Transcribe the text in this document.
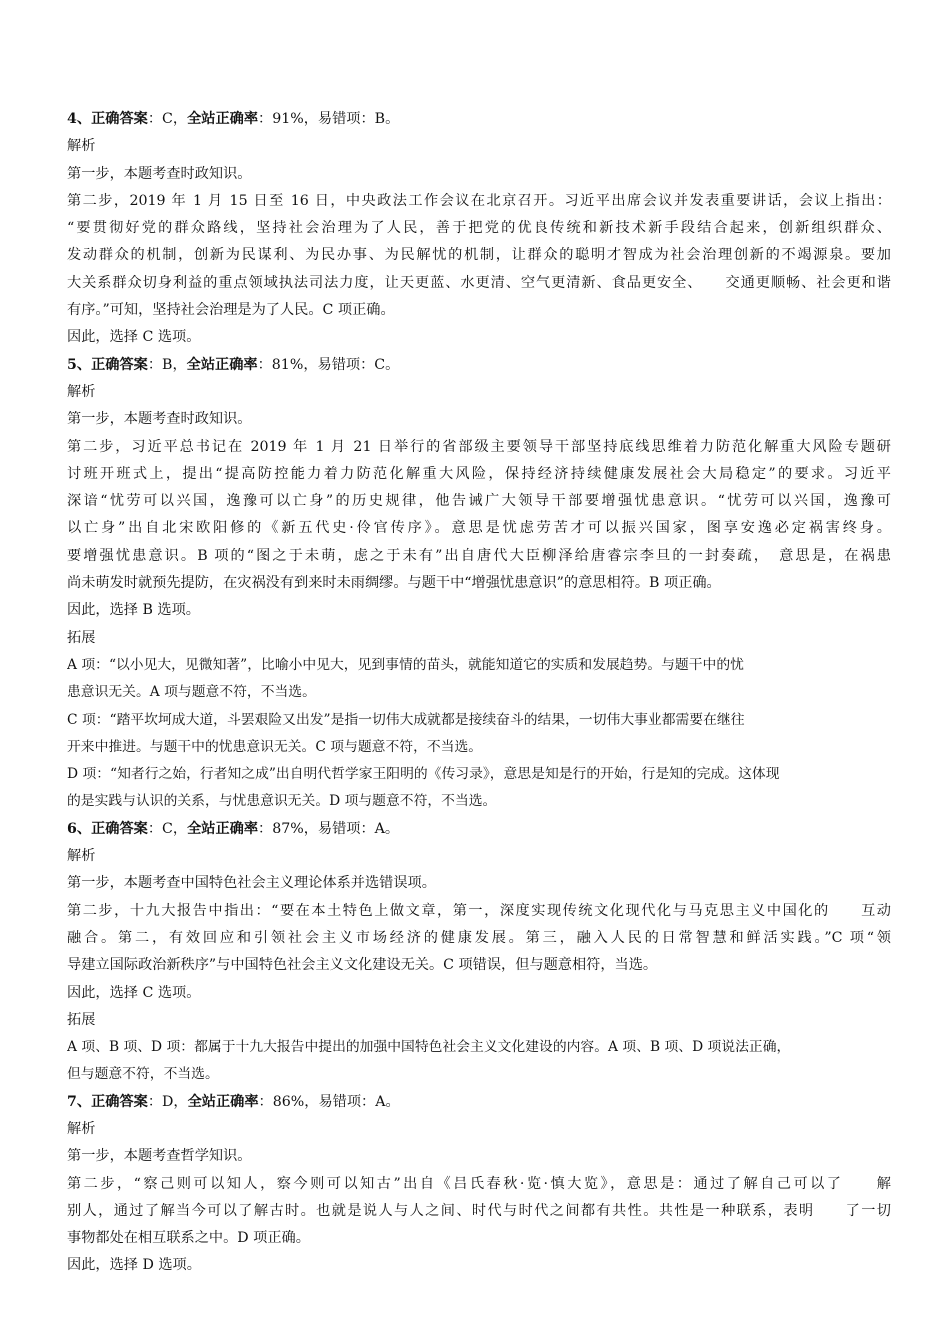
4、正确答案：C，全站正确率：91%，易错项：B。
解析
第一步，本题考查时政知识。
第二步，2019 年 1 月 15 日至 16 日，中央政法工作会议在北京召开。习近平出席会议并发表重要讲话，会议上指出：
“要贯彻好党的群众路线，坚持社会治理为了人民，善于把党的优良传统和新技术新手段结合起来，创新组织群众、
发动群众的机制，创新为民谋利、为民办事、为民解忧的机制，让群众的聪明才智成为社会治理创新的不竭源泉。要加
大关系群众切身利益的重点领域执法司法力度，让天更蓝、水更清、空气更清新、食品更安全、　　交通更顺畅、社会更和谐
有序。”可知，坚持社会治理是为了人民。C 项正确。
因此，选择 C 选项。
5、正确答案：B，全站正确率：81%，易错项：C。
解析
第一步，本题考查时政知识。
第二步，习近平总书记在 2019 年 1 月 21 日举行的省部级主要领导干部坚持底线思维着力防范化解重大风险专题研
讨班开班式上，提出“提高防控能力着力防范化解重大风险，保持经济持续健康发展社会大局稳定”的要求。习近平
深谙“忧劳可以兴国，逸豫可以亡身”的历史规律，他告诫广大领导干部要增强忧患意识。“忧劳可以兴国，逸豫可
以亡身”出自北宋欧阳修的《新五代史·伶官传序》。意思是忧虑劳苦才可以振兴国家，图享安逸必定祸害终身。
要增强忧患意识。B 项的“图之于未萌，虑之于未有”出自唐代大臣柳泽给唐睿宗李旦的一封奏疏，　意思是，在祸患
尚未萌发时就预先提防，在灾祸没有到来时未雨绸缪。与题干中“增强忧患意识”的意思相符。B 项正确。
因此，选择 B 选项。
拓展
A 项：“以小见大，见微知著”，比喻小中见大，见到事情的苗头，就能知道它的实质和发展趋势。与题干中的忧
患意识无关。A 项与题意不符，不当选。
C 项：“踏平坎坷成大道，斗罢艰险又出发”是指一切伟大成就都是接续奋斗的结果，一切伟大事业都需要在继往
开来中推进。与题干中的忧患意识无关。C 项与题意不符，不当选。
D 项：“知者行之始，行者知之成”出自明代哲学家王阳明的《传习录》，意思是知是行的开始，行是知的完成。这体现
的是实践与认识的关系，与忧患意识无关。D 项与题意不符，不当选。
6、正确答案：C，全站正确率：87%，易错项：A。
解析
第一步，本题考查中国特色社会主义理论体系并选错误项。
第二步，十九大报告中指出：“要在本土特色上做文章，第一，深度实现传统文化现代化与马克思主义中国化的　　互动
融合。第二，有效回应和引领社会主义市场经济的健康发展。第三，融入人民的日常智慧和鲜活实践。”C 项“领
导建立国际政治新秩序”与中国特色社会主义文化建设无关。C 项错误，但与题意相符，当选。
因此，选择 C 选项。
拓展
A 项、B 项、D 项：都属于十九大报告中提出的加强中国特色社会主义文化建设的内容。A 项、B 项、D 项说法正确，
但与题意不符，不当选。
7、正确答案：D，全站正确率：86%，易错项：A。
解析
第一步，本题考查哲学知识。
第二步，“察己则可以知人，察今则可以知古”出自《吕氏春秋·览·慎大览》，意思是：通过了解自己可以了　　解
别人，通过了解当今可以了解古时。也就是说人与人之间、时代与时代之间都有共性。共性是一种联系，表明　　了一切
事物都处在相互联系之中。D 项正确。
因此，选择 D 选项。
